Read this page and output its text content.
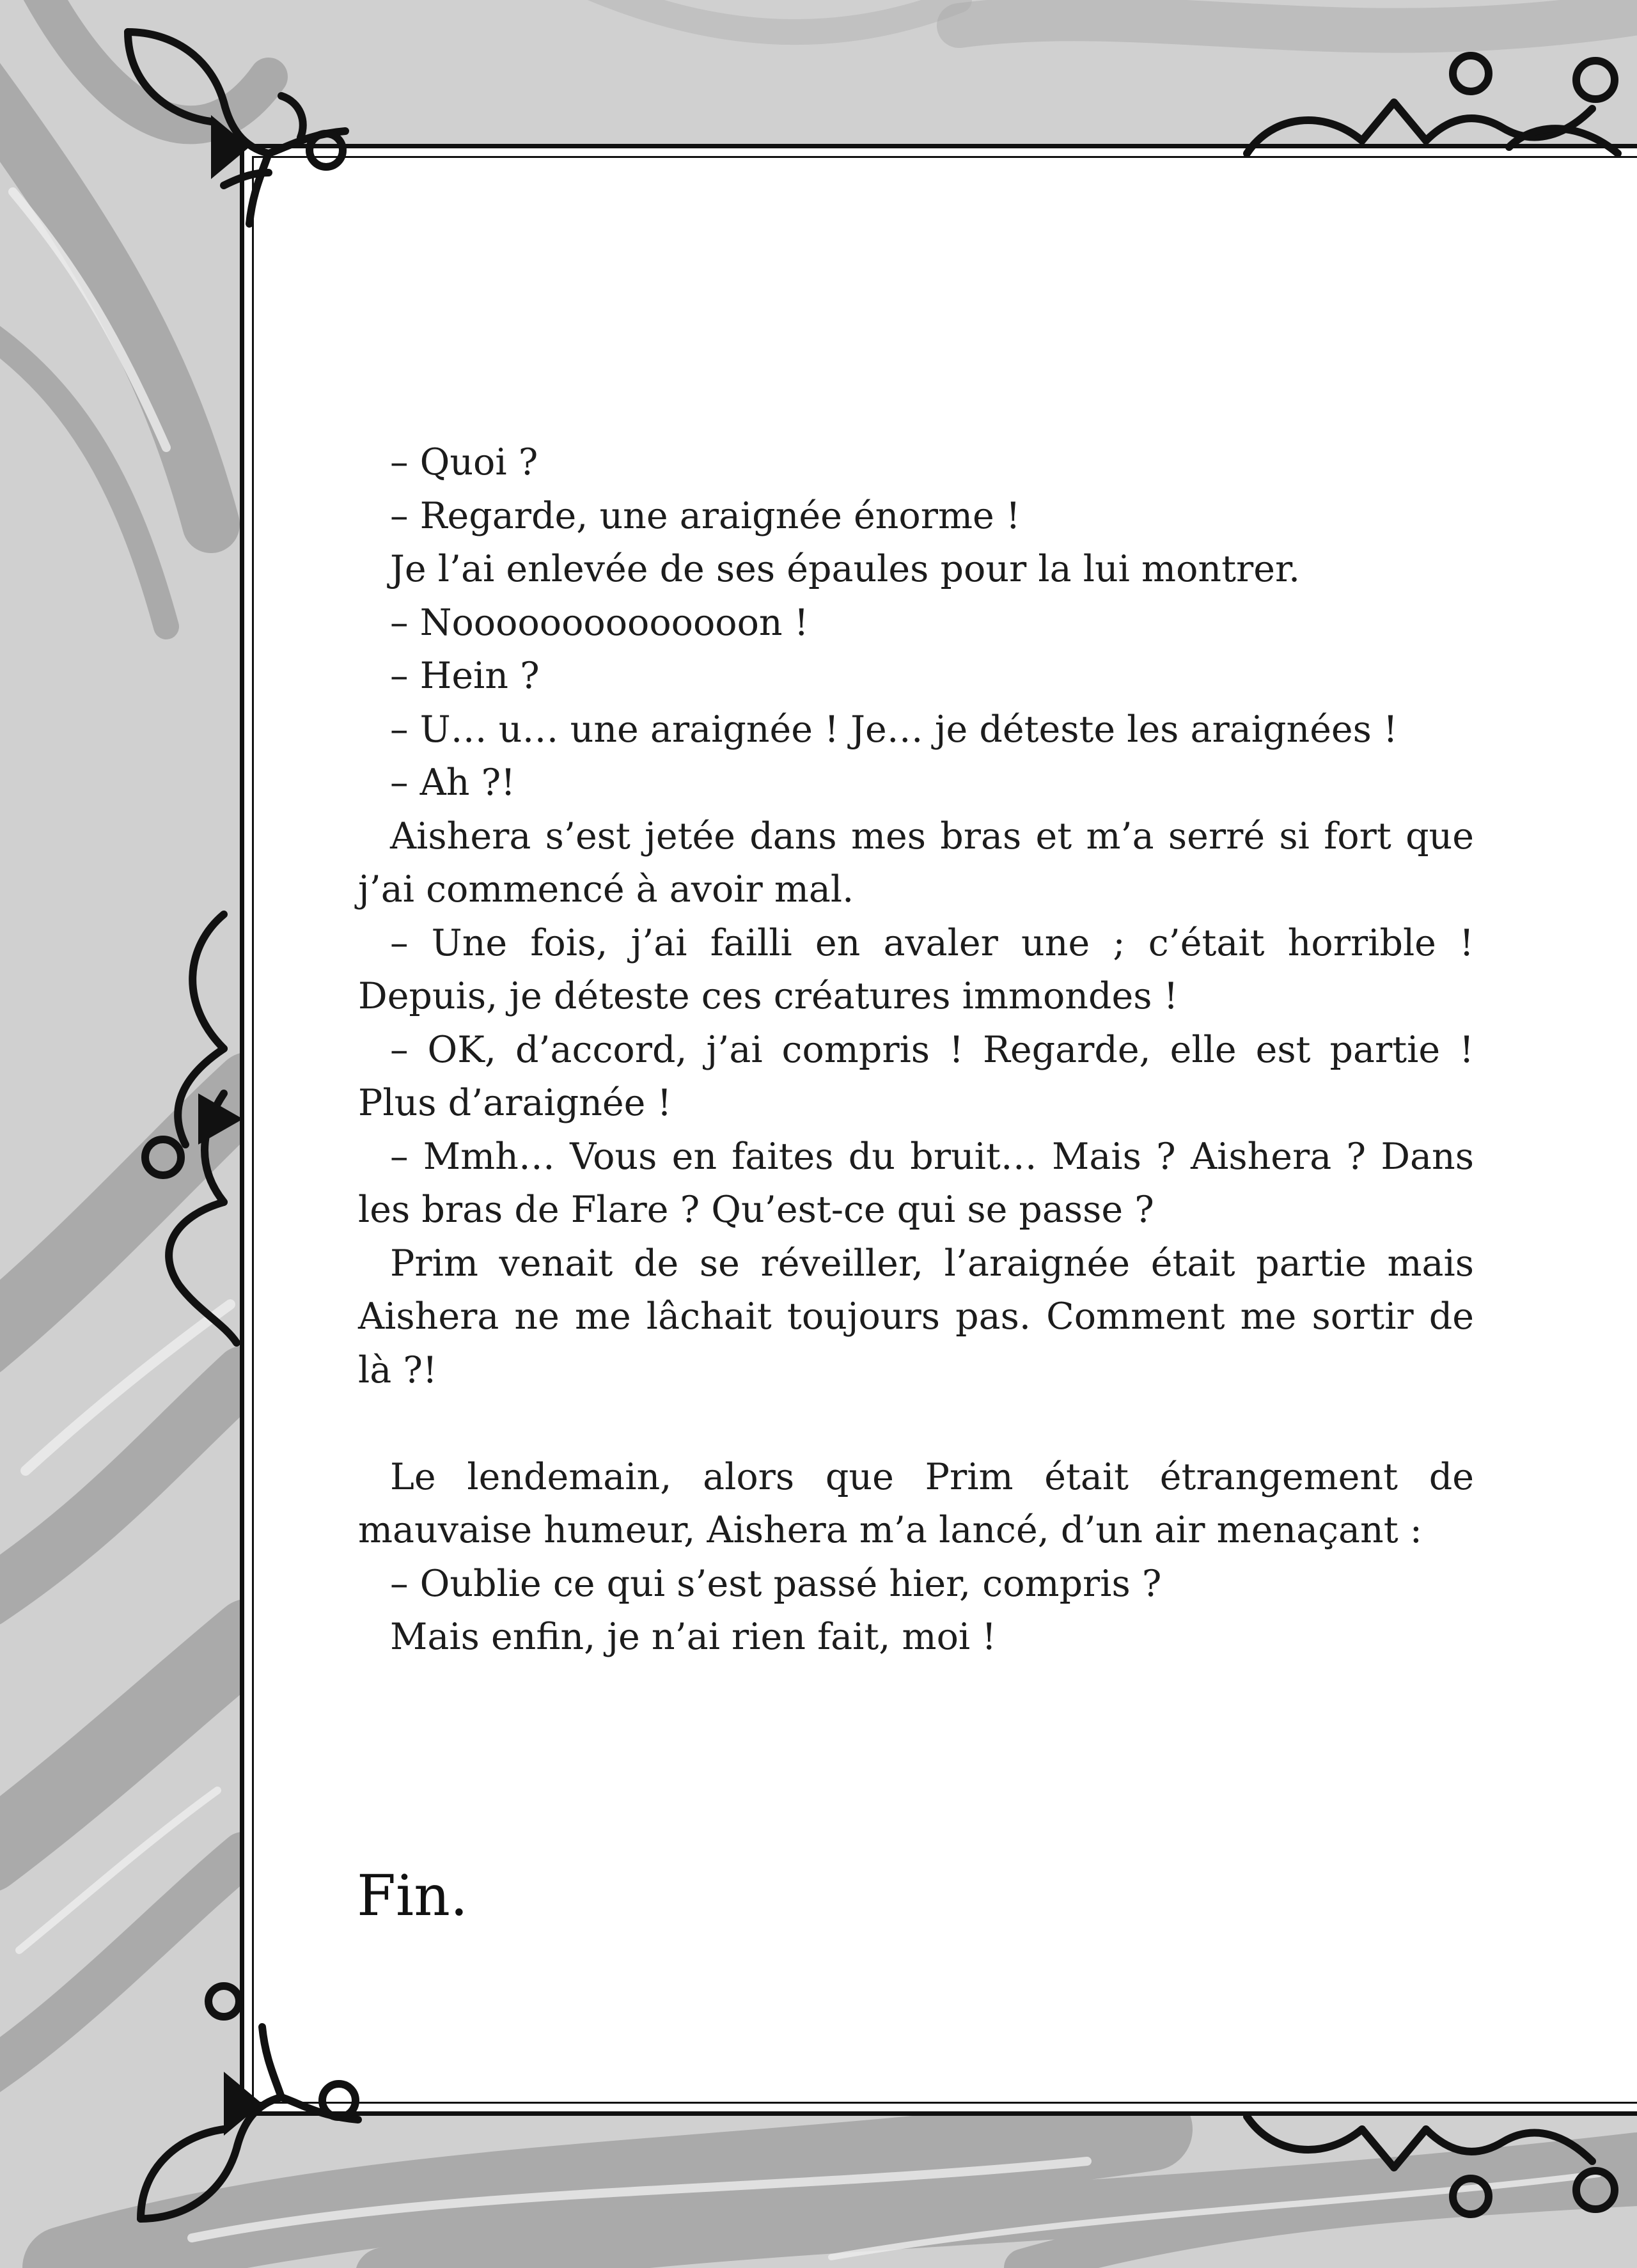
– Quoi ?

– Regarde, une araignée énorme !

Je l’ai enlevée de ses épaules pour la lui montrer.

– Noooooooooooooon !

– Hein ?

– U… u… une araignée ! Je… je déteste les araignées !

– Ah ?!

Aishera s’est jetée dans mes bras et m’a serré si fort que j’ai commencé à avoir mal.

– Une fois, j’ai failli en avaler une ; c’était horrible ! Depuis, je déteste ces créatures immondes !

– OK, d’accord, j’ai compris ! Regarde, elle est partie ! Plus d’araignée !

– Mmh… Vous en faites du bruit… Mais ? Aishera ? Dans les bras de Flare ? Qu’est-ce qui se passe ?

Prim venait de se réveiller, l’araignée était partie mais Aishera ne me lâchait toujours pas. Comment me sortir de là ?!

Le lendemain, alors que Prim était étrangement de mauvaise humeur, Aishera m’a lancé, d’un air menaçant :

– Oublie ce qui s’est passé hier, compris ?

Mais enfin, je n’ai rien fait, moi !

Fin.
